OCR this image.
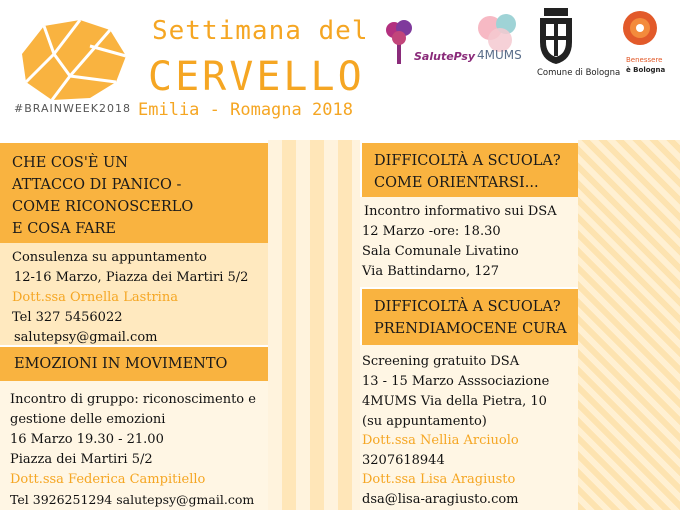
#BRAINWEEK2018
Settimana del
CERVELLO
Emilia - Romagna 2018
SalutePsy 4MUMS
Comune di Bologna
Benessere
è Bologna
CHE COS'È UN
ATTACCO DI PANICO -
COME RICONOSCERLO
E COSA FARE
Consulenza su appuntamento
12-16 Marzo, Piazza dei Martiri 5/2
Dott.ssa Ornella Lastrina
Tel 327 5456022
salutepsy@gmail.com
EMOZIONI IN MOVIMENTO
Incontro di gruppo: riconoscimento e
gestione delle emozioni
16 Marzo 19.30 - 21.00
Piazza dei Martiri 5/2
Dott.ssa Federica Campitiello
Tel 3926251294 salutepsy@gmail.com
DIFFICOLTÀ A SCUOLA?
COME ORIENTARSI...
Incontro informativo sui DSA
12 Marzo -ore: 18.30
Sala Comunale Livatino
Via Battindarno, 127
DIFFICOLTÀ A SCUOLA?
PRENDIAMOCENE CURA
Screening gratuito DSA
13 - 15 Marzo Asssociazione
4MUMS Via della Pietra, 10
(su appuntamento)
Dott.ssa Nellia Arciuolo
3207618944
Dott.ssa Lisa Aragiusto
dsa@lisa-aragiusto.com
